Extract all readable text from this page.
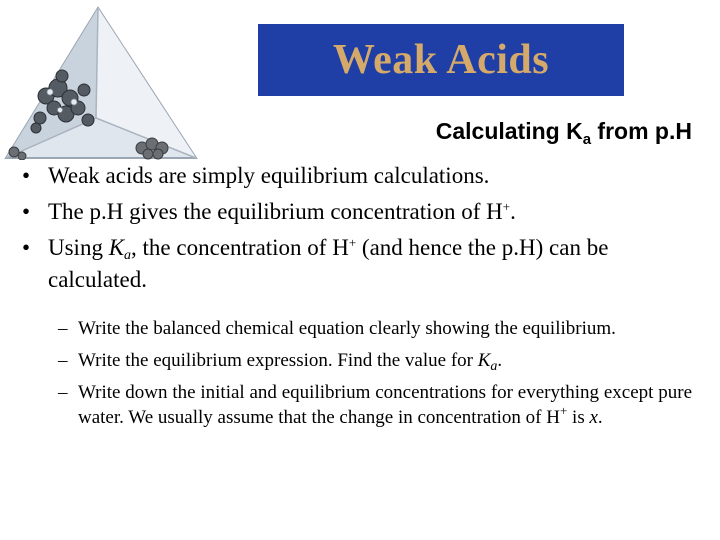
Weak Acids
Calculating $K_a$ from p.H
• Weak acids are simply equilibrium calculations.
• The p.H gives the equilibrium concentration of H+.
• Using Ka, the concentration of H+ (and hence the p.H) can be calculated.
– Write the balanced chemical equation clearly showing the equilibrium.
– Write the equilibrium expression. Find the value for $K_a$.
– Write down the initial and equilibrium concentrations for everything except pure water. We usually assume that the change in concentration of H+ is x.
